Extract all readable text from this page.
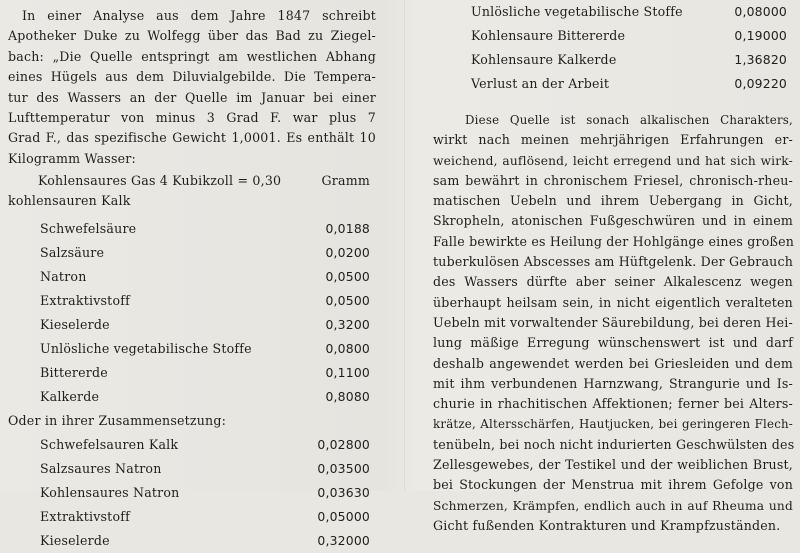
In einer Analyse aus dem Jahre 1847 schreibt
Apotheker Duke zu Wolfegg über das Bad zu Ziegel-
bach: „Die Quelle entspringt am westlichen Abhang
eines Hügels aus dem Diluvialgebilde. Die Tempera-
tur des Wassers an der Quelle im Januar bei einer
Lufttemperatur von minus 3 Grad F. war plus 7
Grad F., das spezifische Gewicht 1,0001. Es enthält 10
Kilogramm Wasser:
Kohlensaures Gas 4 Kubikzoll = 0,30	Gramm
kohlensauren Kalk
Schwefelsäure	0,0188
Salzsäure	0,0200
Natron	0,0500
Extraktivstoff	0,0500
Kieselerde	0,3200
Unlösliche vegetabilische Stoffe	0,0800
Bittererde	0,1100
Kalkerde	0,8080
Oder in ihrer Zusammensetzung:
Schwefelsauren Kalk	0,02800
Salzsaures Natron	0,03500
Kohlensaures Natron	0,03630
Extraktivstoff	0,05000
Kieselerde	0,32000
Unlösliche vegetabilische Stoffe	0,08000
Kohlensaure Bittererde	0,19000
Kohlensaure Kalkerde	1,36820
Verlust an der Arbeit	0,09220
Diese Quelle ist sonach alkalischen Charakters,
wirkt nach meinen mehrjährigen Erfahrungen er-
weichend, auflösend, leicht erregend und hat sich wirk-
sam bewährt in chronischem Friesel, chronisch-rheu-
matischen Uebeln und ihrem Uebergang in Gicht,
Skropheln, atonischen Fußgeschwüren und in einem
Falle bewirkte es Heilung der Hohlgänge eines großen
tuberkulösen Abscesses am Hüftgelenk. Der Gebrauch
des Wassers dürfte aber seiner Alkalescenz wegen
überhaupt heilsam sein, in nicht eigentlich veralteten
Uebeln mit vorwaltender Säurebildung, bei deren Hei-
lung mäßige Erregung wünschenswert ist und darf
deshalb angewendet werden bei Griesleiden und dem
mit ihm verbundenen Harnzwang, Strangurie und Is-
churie in rhachitischen Affektionen; ferner bei Alters-
krätze, Altersschärfen, Hautjucken, bei geringeren Flech-
tenübeln, bei noch nicht indurierten Geschwülsten des
Zellesgewebes, der Testikel und der weiblichen Brust,
bei Stockungen der Menstrua mit ihrem Gefolge von
Schmerzen, Krämpfen, endlich auch in auf Rheuma und
Gicht fußenden Kontrakturen und Krampfzuständen.
